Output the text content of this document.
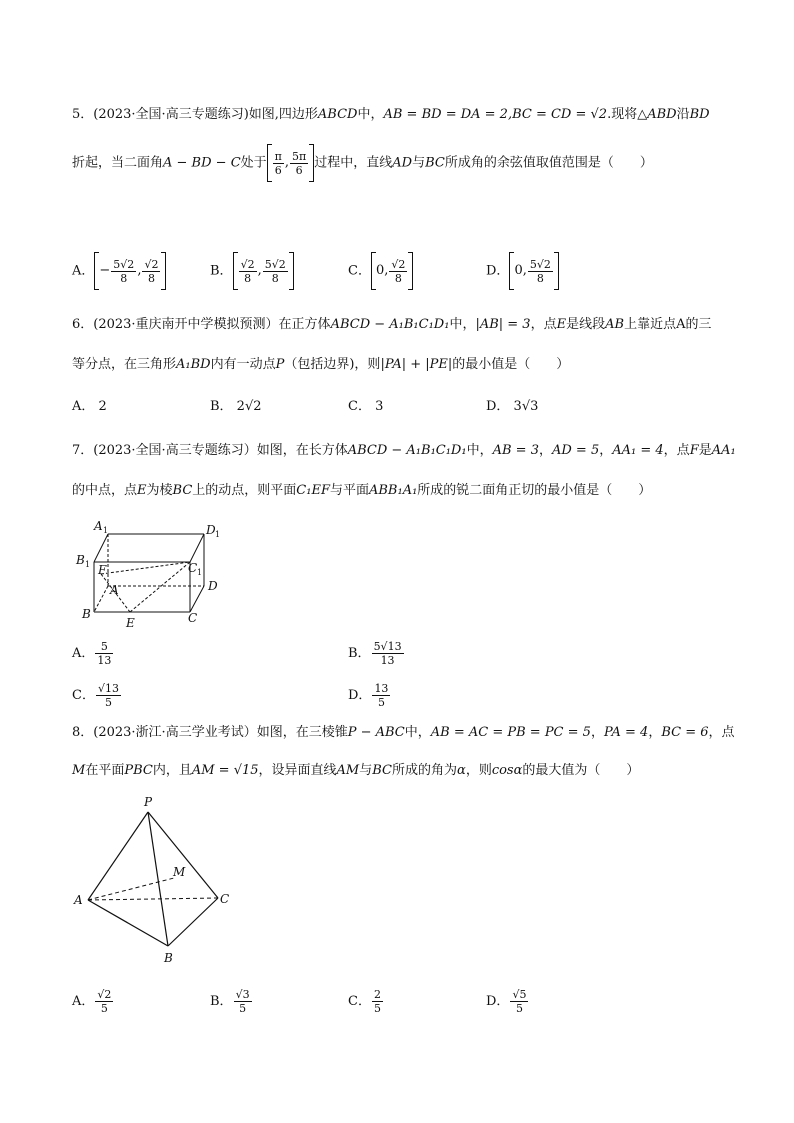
5．(2023·全国·高三专题练习)如图,四边形ABCD中，AB = BD = DA = 2,BC = CD = √2.现将△ABD沿BD
折起，当二面角A − BD − C处于 $\frac{\pi}{6}$ , $\frac{5\pi}{6}$ 过程中，直线AD与BC所成角的余弦值取值范围是（　　）
A． − $\frac{5√2}{8}$ , $\frac{√2}{8}$	B． $\frac{√2}{8}$ , $\frac{5√2}{8}$	C． 0, $\frac{√2}{8}$	D． 0, $\frac{5√2}{8}$
6．(2023·重庆南开中学模拟预测）在正方体ABCD − A₁B₁C₁D₁中，|AB| = 3，点E是线段AB上靠近点A的三
等分点，在三角形A₁BD内有一动点P（包括边界)，则|PA| + |PE|的最小值是（　　）
A． 2	B． 2√2	C． 3	D． 3√3
7．(2023·全国·高三专题练习）如图，在长方体ABCD − A₁B₁C₁D₁中，AB = 3，AD = 5，AA₁ = 4，点F是AA₁
的中点，点E为棱BC上的动点，则平面C₁EF与平面ABB₁A₁所成的锐二面角正切的最小值是（　　）
A 1	D 1
B 1	C 1
F
A	D
B
E	C
A． $\frac{5}{13}$	B． $\frac{5√13}{13}$
C． $\frac{√13}{5}$	D． $\frac{13}{5}$
8．(2023·浙江·高三学业考试）如图，在三棱锥P − ABC中，AB = AC = PB = PC = 5，PA = 4，BC = 6，点
M在平面PBC内，且AM = √15，设异面直线AM与BC所成的角为α，则cosα的最大值为（　　）
P
M
A	C
B
A． $\frac{√2}{5}$	B． $\frac{√3}{5}$	C． $\frac{2}{5}$	D． $\frac{√5}{5}$
